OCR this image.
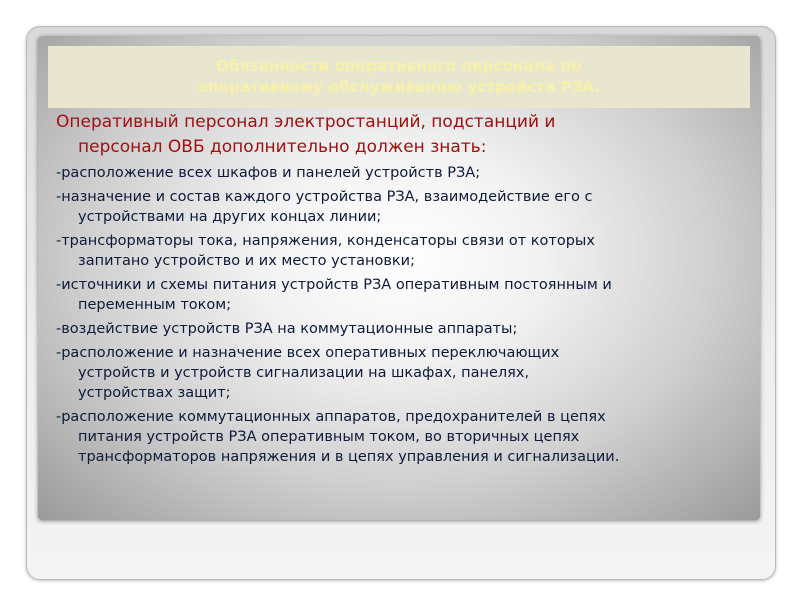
Обязанности оперативного персонала по
оперативному обслуживанию устройств РЗА.

Оперативный персонал электростанций, подстанций и
персонал ОВБ дополнительно должен знать:

-расположение всех шкафов и панелей устройств РЗА;

-назначение и состав каждого устройства РЗА, взаимодействие его с
устройствами на других концах линии;

-трансформаторы тока, напряжения, конденсаторы связи от которых
запитано устройство и их место установки;

-источники и схемы питания устройств РЗА оперативным постоянным и
переменным током;

-воздействие устройств РЗА на коммутационные аппараты;

-расположение и назначение всех оперативных переключающих
устройств и устройств сигнализации на шкафах, панелях,
устройствах защит;

-расположение коммутационных аппаратов, предохранителей в цепях
питания устройств РЗА оперативным током, во вторичных цепях
трансформаторов напряжения и в цепях управления и сигнализации.
